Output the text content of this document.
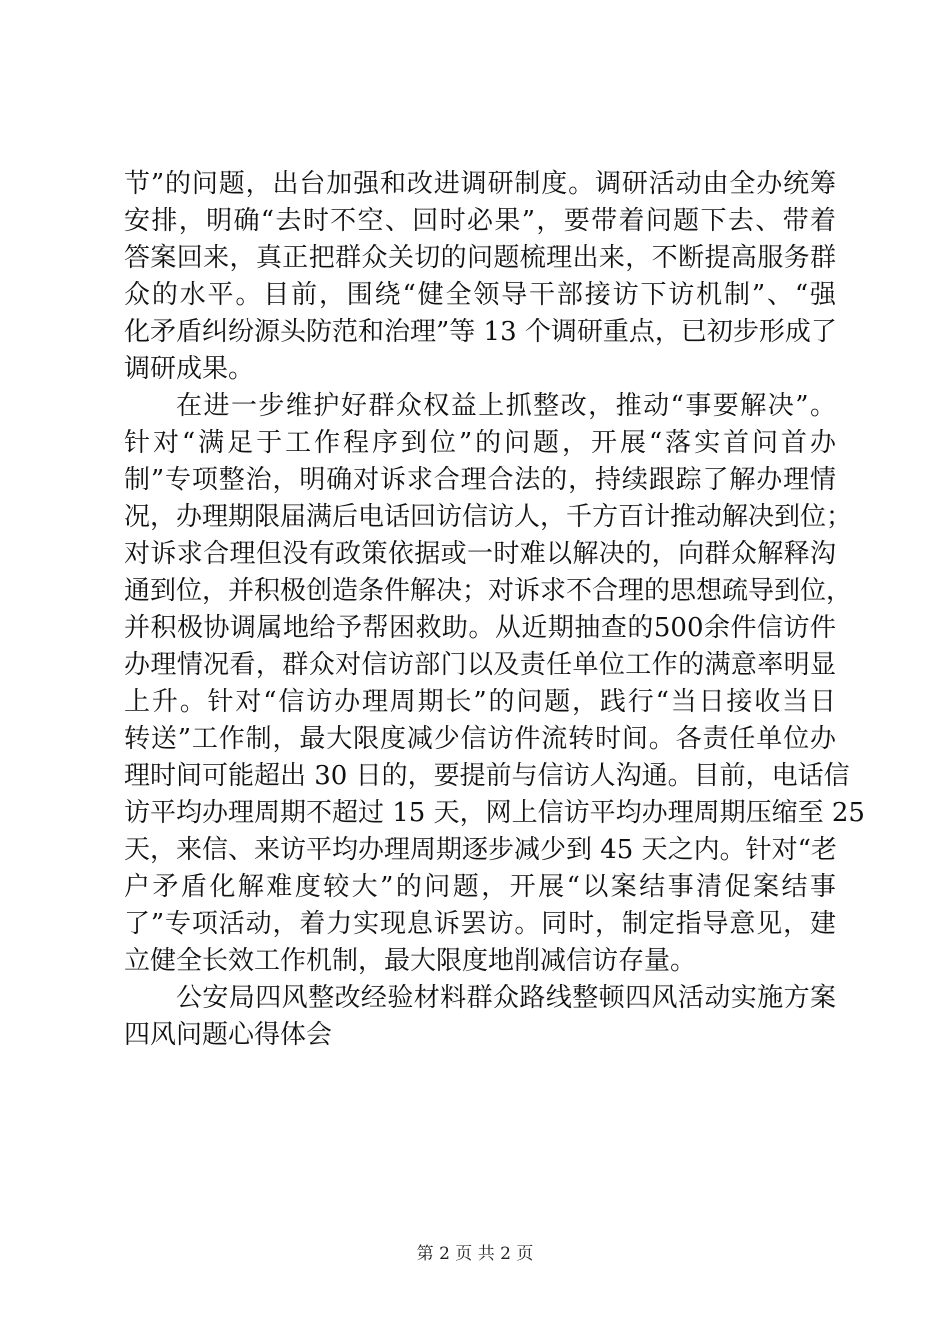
节”的问题，出台加强和改进调研制度。调研活动由全办统筹
安排，明确“去时不空、回时必果”，要带着问题下去、带着
答案回来，真正把群众关切的问题梳理出来，不断提高服务群
众的水平。目前，围绕“健全领导干部接访下访机制”、“强
化矛盾纠纷源头防范和治理”等 13 个调研重点，已初步形成了
调研成果。
在进一步维护好群众权益上抓整改，推动“事要解决”。
针对“满足于工作程序到位”的问题，开展“落实首问首办
制”专项整治，明确对诉求合理合法的，持续跟踪了解办理情
况，办理期限届满后电话回访信访人，千方百计推动解决到位；
对诉求合理但没有政策依据或一时难以解决的，向群众解释沟
通到位，并积极创造条件解决；对诉求不合理的思想疏导到位，
并积极协调属地给予帮困救助。从近期抽查的500余件信访件
办理情况看，群众对信访部门以及责任单位工作的满意率明显
上升。针对“信访办理周期长”的问题，践行“当日接收当日
转送”工作制，最大限度减少信访件流转时间。各责任单位办
理时间可能超出 30 日的，要提前与信访人沟通。目前，电话信
访平均办理周期不超过 15 天，网上信访平均办理周期压缩至 25
天，来信、来访平均办理周期逐步减少到 45 天之内。针对“老
户矛盾化解难度较大”的问题，开展“以案结事清促案结事
了”专项活动，着力实现息诉罢访。同时，制定指导意见，建
立健全长效工作机制，最大限度地削减信访存量。
公安局四风整改经验材料群众路线整顿四风活动实施方案
四风问题心得体会
第 2 页 共 2 页
